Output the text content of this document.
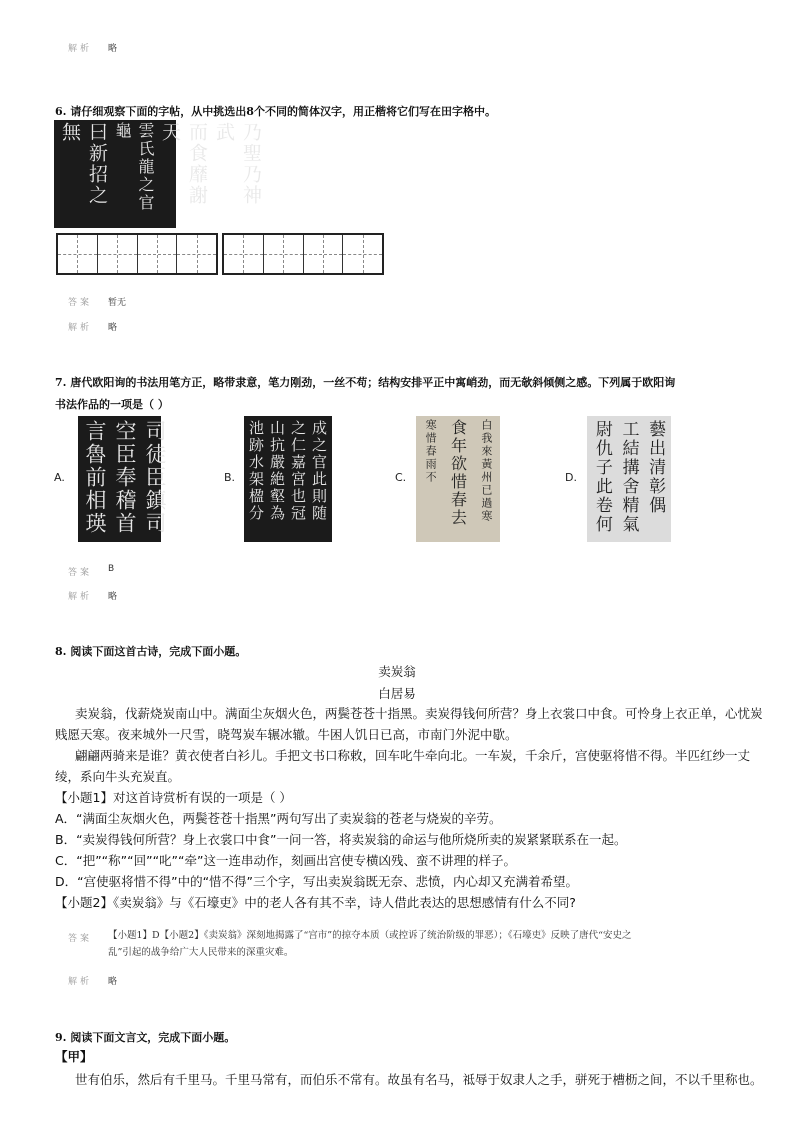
解析 略
6. 请仔细观察下面的字帖，从中挑选出8个不同的简体汉字，用正楷将它们写在田字格中。
乃聖乃神武
而食靡謝天
雲氏龍之官龜
曰新招之無
答案 暂无
解析 略
7. 唐代欧阳询的书法用笔方正，略带隶意，笔力刚劲，一丝不苟；结构安排平正中寓峭劲，而无欹斜倾侧之感。下列属于欧阳询
书法作品的一项是（ ）
A.	司徒臣鎮司
空臣奉稽首
言魯前相瑛	B.	成之官此則随
之仁嘉宮也冠
山抗嚴絶壑為
池跡水架楹分	C.	白我來黃州已過寒
食年欲惜春去
寒惜春雨不	D.	藝出清彰偶
工結搆舍精氣
尉仇子此卷何
答案 B
解析 略
8. 阅读下面这首古诗，完成下面小题。
卖炭翁
白居易
卖炭翁，伐薪烧炭南山中。满面尘灰烟火色，两鬓苍苍十指黑。卖炭得钱何所营？身上衣裳口中食。可怜身上衣正单，心忧炭
贱愿天寒。夜来城外一尺雪，晓驾炭车辗冰辙。牛困人饥日已高，市南门外泥中歇。
翩翩两骑来是谁？黄衣使者白衫儿。手把文书口称敕，回车叱牛牵向北。一车炭，千余斤，宫使驱将惜不得。半匹红纱一丈
绫，系向牛头充炭直。
【小题1】对这首诗赏析有误的一项是（ ）
A．“满面尘灰烟火色，两鬓苍苍十指黑”两句写出了卖炭翁的苍老与烧炭的辛劳。
B．“卖炭得钱何所营？身上衣裳口中食”一问一答，将卖炭翁的命运与他所烧所卖的炭紧紧联系在一起。
C．“把”“称”“回”“叱”“牵”这一连串动作，刻画出宫使专横凶残、蛮不讲理的样子。
D．“宫使驱将惜不得”中的“惜不得”三个字，写出卖炭翁既无奈、悲愤，内心却又充满着希望。
【小题2】《卖炭翁》与《石壕吏》中的老人各有其不幸，诗人借此表达的思想感情有什么不同?
答案 【小题1】D【小题2】《卖炭翁》深刻地揭露了“宫市”的掠夺本质（或控诉了统治阶级的罪恶）；《石壕吏》反映了唐代“安史之
乱”引起的战争给广大人民带来的深重灾难。
解析 略
9. 阅读下面文言文，完成下面小题。
【甲】
世有伯乐，然后有千里马。千里马常有，而伯乐不常有。故虽有名马，祗辱于奴隶人之手，骈死于槽枥之间，不以千里称也。
